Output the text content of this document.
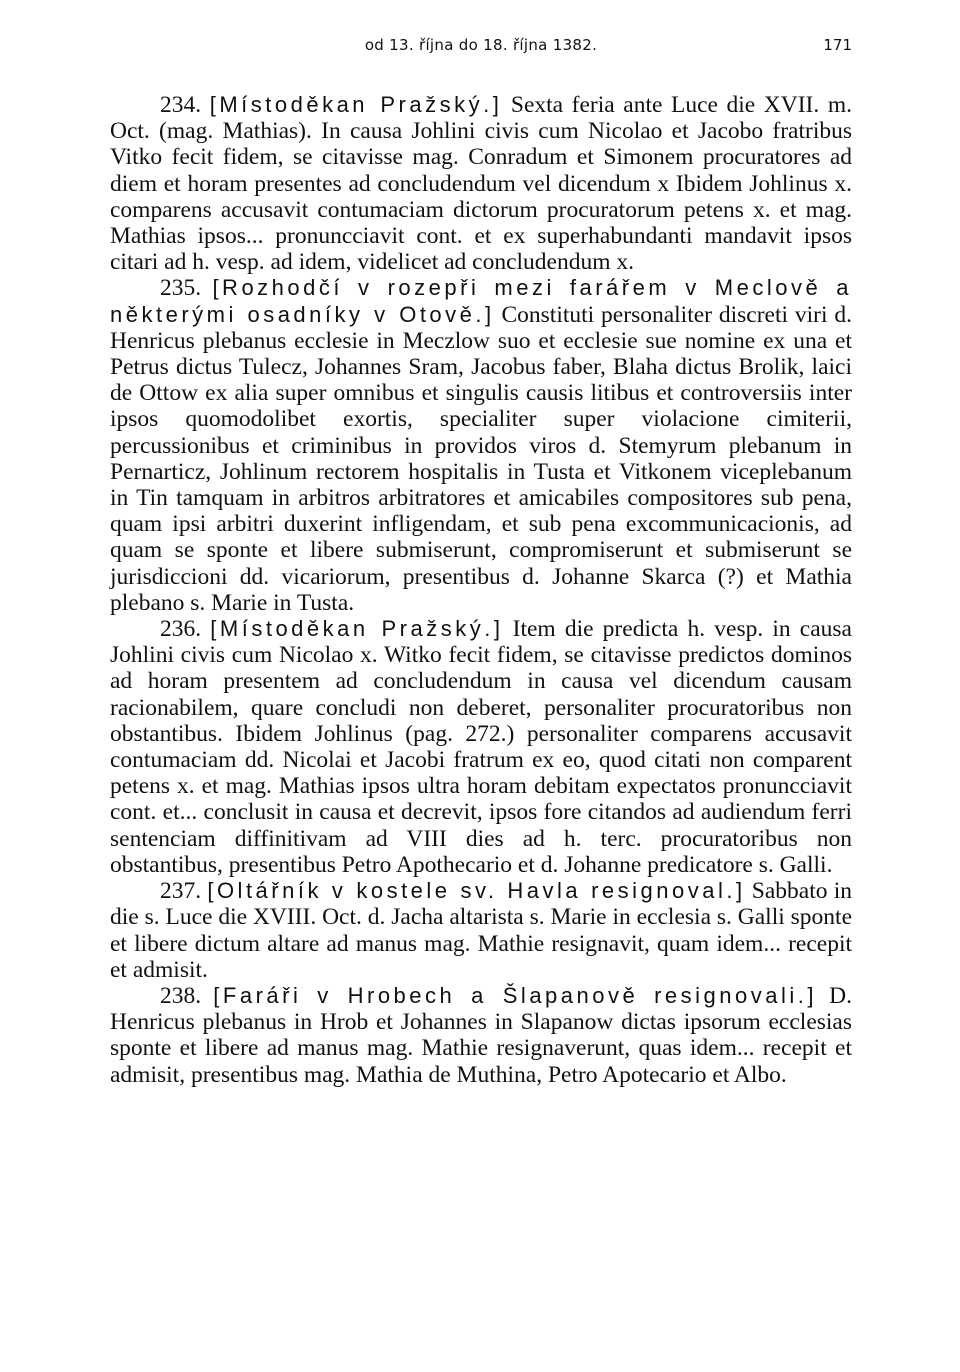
od 13. října do 18. října 1382.	171

234. [Místoděkan Pražský.] Sexta feria ante Luce die XVII. m. Oct. (mag. Mathias). In causa Johlini civis cum Nicolao et Jacobo fratribus Vitko fecit fidem, se citavisse mag. Conradum et Simonem procuratores ad diem et horam presentes ad concludendum vel dicendum x Ibidem Johlinus x. comparens accusavit contumaciam dictorum procuratorum petens x. et mag. Mathias ipsos... pronuncciavit cont. et ex superhabundanti mandavit ipsos citari ad h. vesp. ad idem, videlicet ad concludendum x.

235. [Rozhodčí v rozepři mezi farářem v Meclově a některými osadníky v Otově.] Constituti personaliter discreti viri d. Henricus plebanus ecclesie in Meczlow suo et ecclesie sue nomine ex una et Petrus dictus Tulecz, Johannes Sram, Jacobus faber, Blaha dictus Brolik, laici de Ottow ex alia super omnibus et singulis causis litibus et controversiis inter ipsos quomodolibet exortis, specialiter super violacione cimiterii, percussionibus et criminibus in providos viros d. Stemyrum plebanum in Pernarticz, Johlinum rectorem hospitalis in Tusta et Vitkonem viceplebanum in Tin tamquam in arbitros arbitratores et amicabiles compositores sub pena, quam ipsi arbitri duxerint infligendam, et sub pena excommunicacionis, ad quam se sponte et libere submiserunt, compromiserunt et submiserunt se jurisdiccioni dd. vicariorum, presentibus d. Johanne Skarca (?) et Mathia plebano s. Marie in Tusta.

236. [Místoděkan Pražský.] Item die predicta h. vesp. in causa Johlini civis cum Nicolao x. Witko fecit fidem, se citavisse predictos dominos ad horam presentem ad concludendum in causa vel dicendum causam racionabilem, quare concludi non deberet, personaliter procuratoribus non obstantibus. Ibidem Johlinus (pag. 272.) personaliter comparens accusavit contumaciam dd. Nicolai et Jacobi fratrum ex eo, quod citati non comparent petens x. et mag. Mathias ipsos ultra horam debitam expectatos pronuncciavit cont. et... conclusit in causa et decrevit, ipsos fore citandos ad audiendum ferri sentenciam diffinitivam ad VIII dies ad h. terc. procuratoribus non obstantibus, presentibus Petro Apothecario et d. Johanne predicatore s. Galli.

237. [Oltářník v kostele sv. Havla resignoval.] Sabbato in die s. Luce die XVIII. Oct. d. Jacha altarista s. Marie in ecclesia s. Galli sponte et libere dictum altare ad manus mag. Mathie resignavit, quam idem... recepit et admisit.

238. [Faráři v Hrobech a Šlapanově resignovali.] D. Henricus plebanus in Hrob et Johannes in Slapanow dictas ipsorum ecclesias sponte et libere ad manus mag. Mathie resignaverunt, quas idem... recepit et admisit, presentibus mag. Mathia de Muthina, Petro Apotecario et Albo.
